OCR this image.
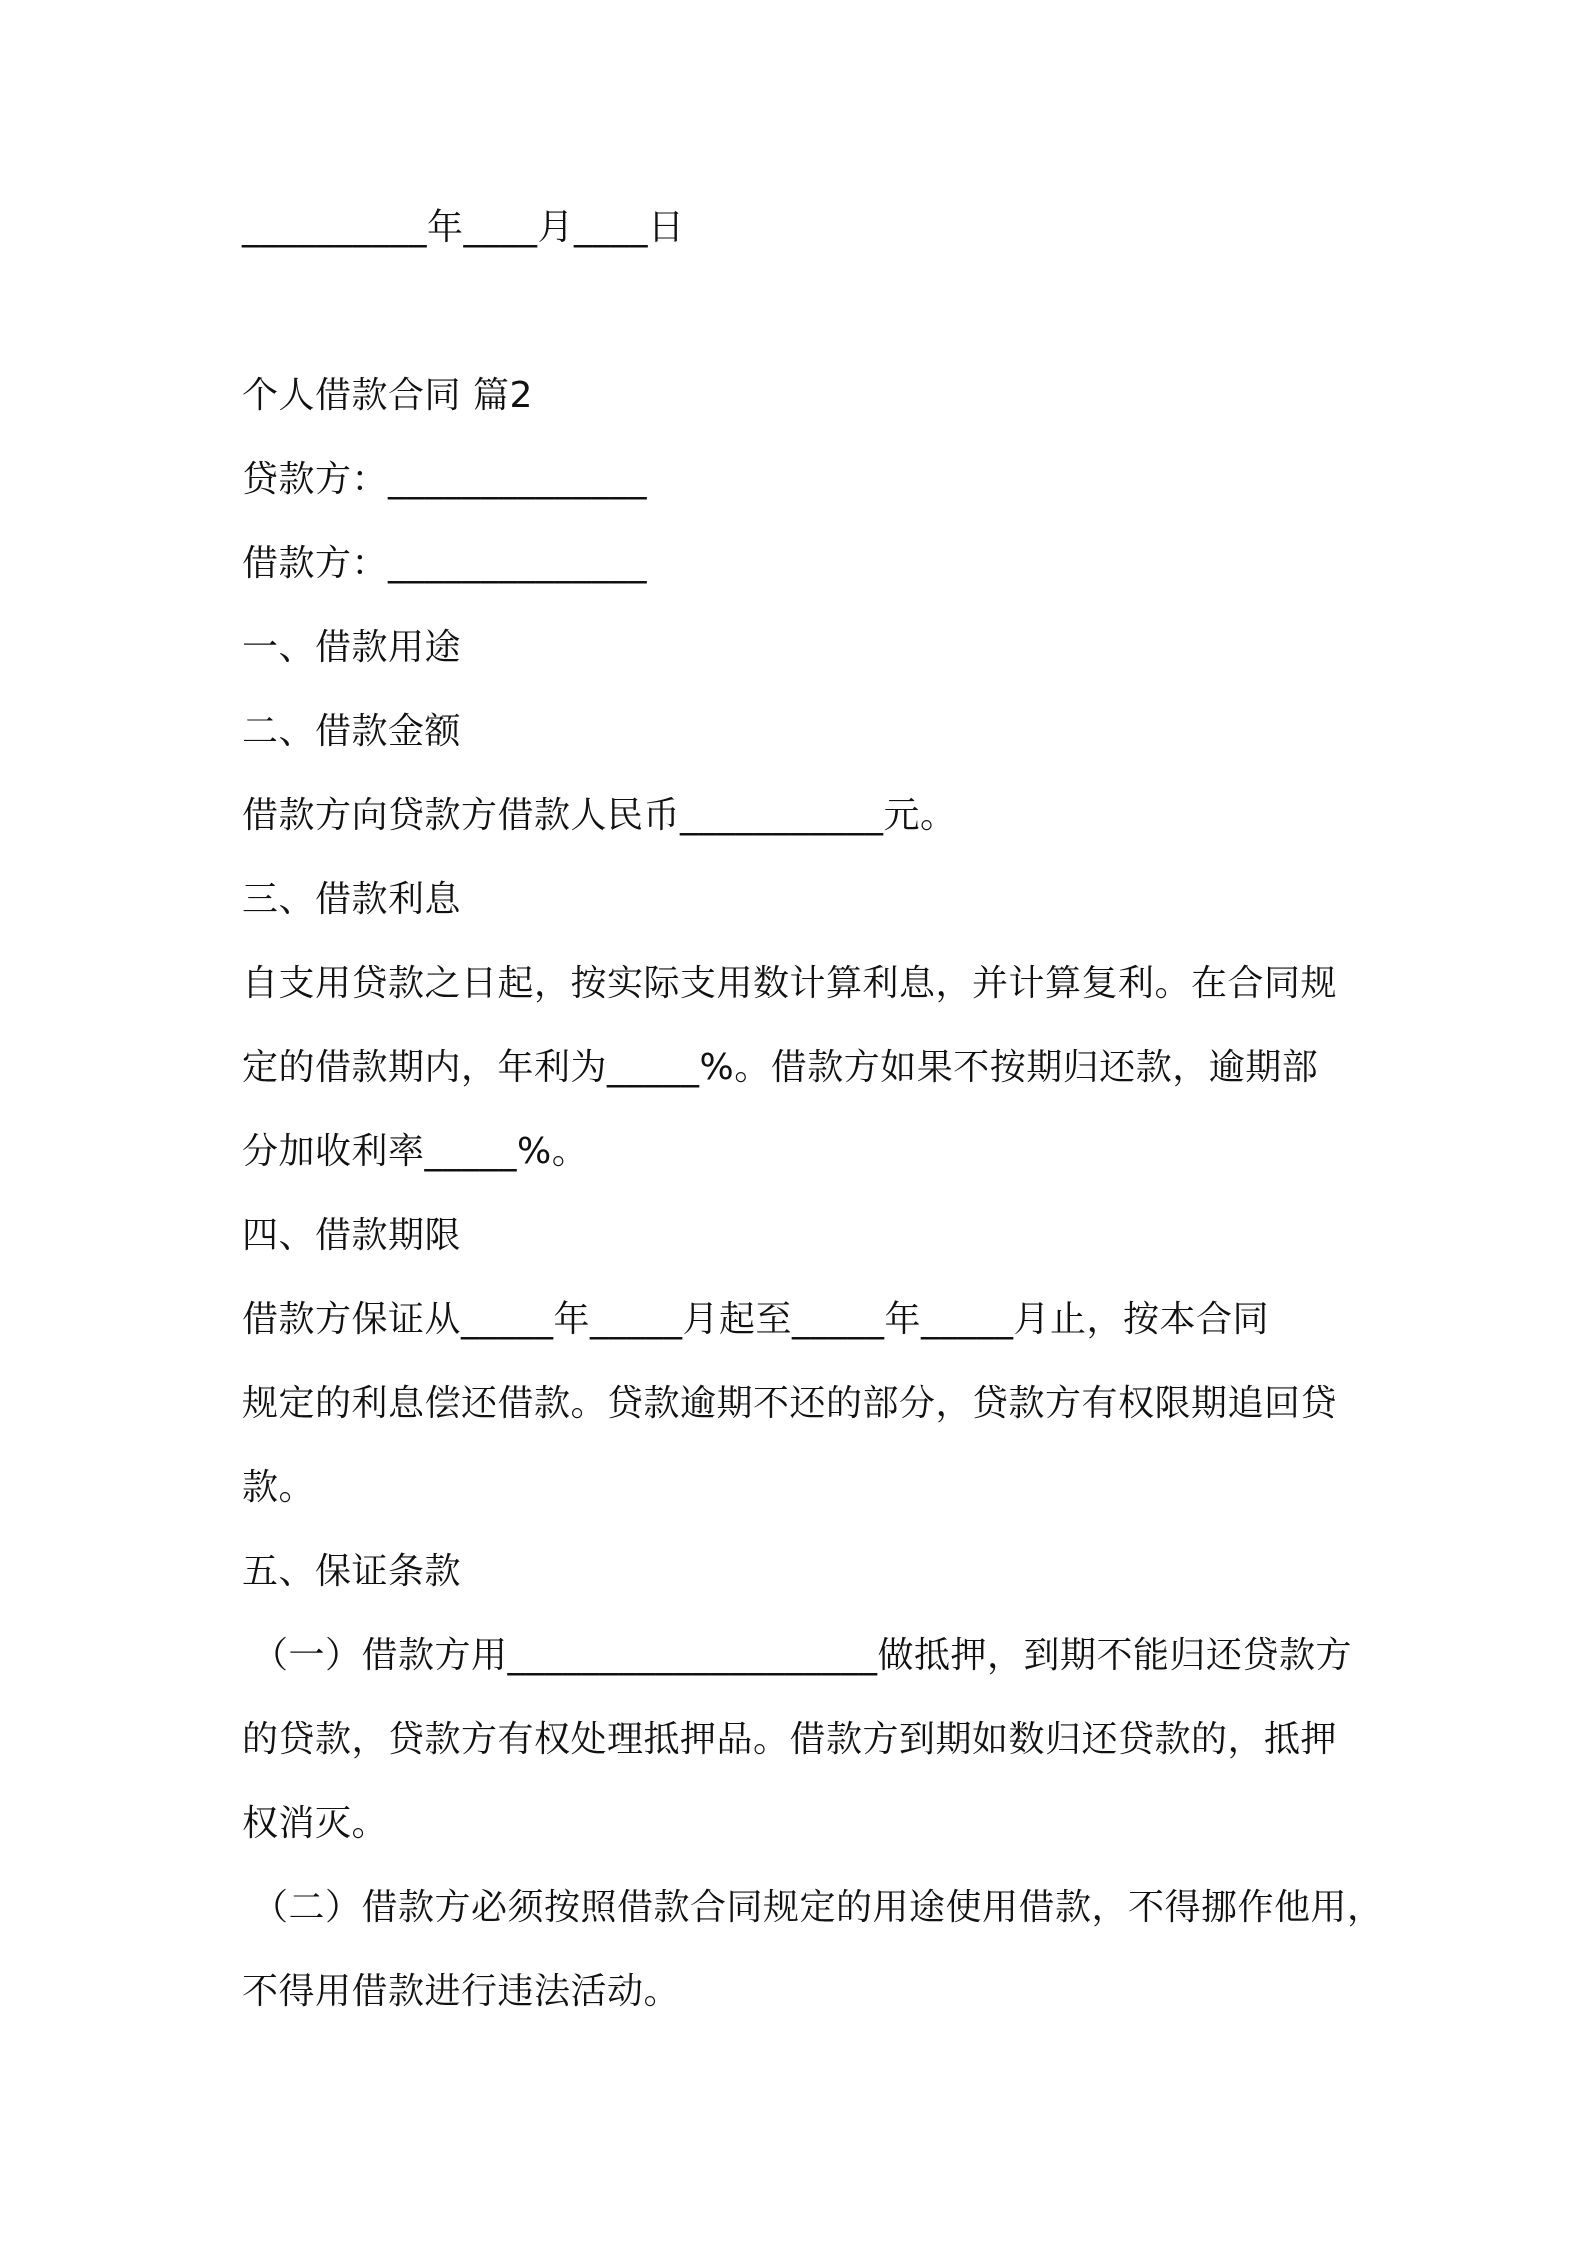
__________年____月____日
个人借款合同 篇2
贷款方：______________
借款方：______________
一、借款用途
二、借款金额
借款方向贷款方借款人民币___________元。
三、借款利息
自支用贷款之日起，按实际支用数计算利息，并计算复利。在合同规
定的借款期内，年利为_____%。借款方如果不按期归还款，逾期部
分加收利率_____%。
四、借款期限
借款方保证从_____年_____月起至_____年_____月止，按本合同
规定的利息偿还借款。贷款逾期不还的部分，贷款方有权限期追回贷
款。
五、保证条款
（一）借款方用____________________做抵押，到期不能归还贷款方
的贷款，贷款方有权处理抵押品。借款方到期如数归还贷款的，抵押
权消灭。
（二）借款方必须按照借款合同规定的用途使用借款，不得挪作他用，
不得用借款进行违法活动。
